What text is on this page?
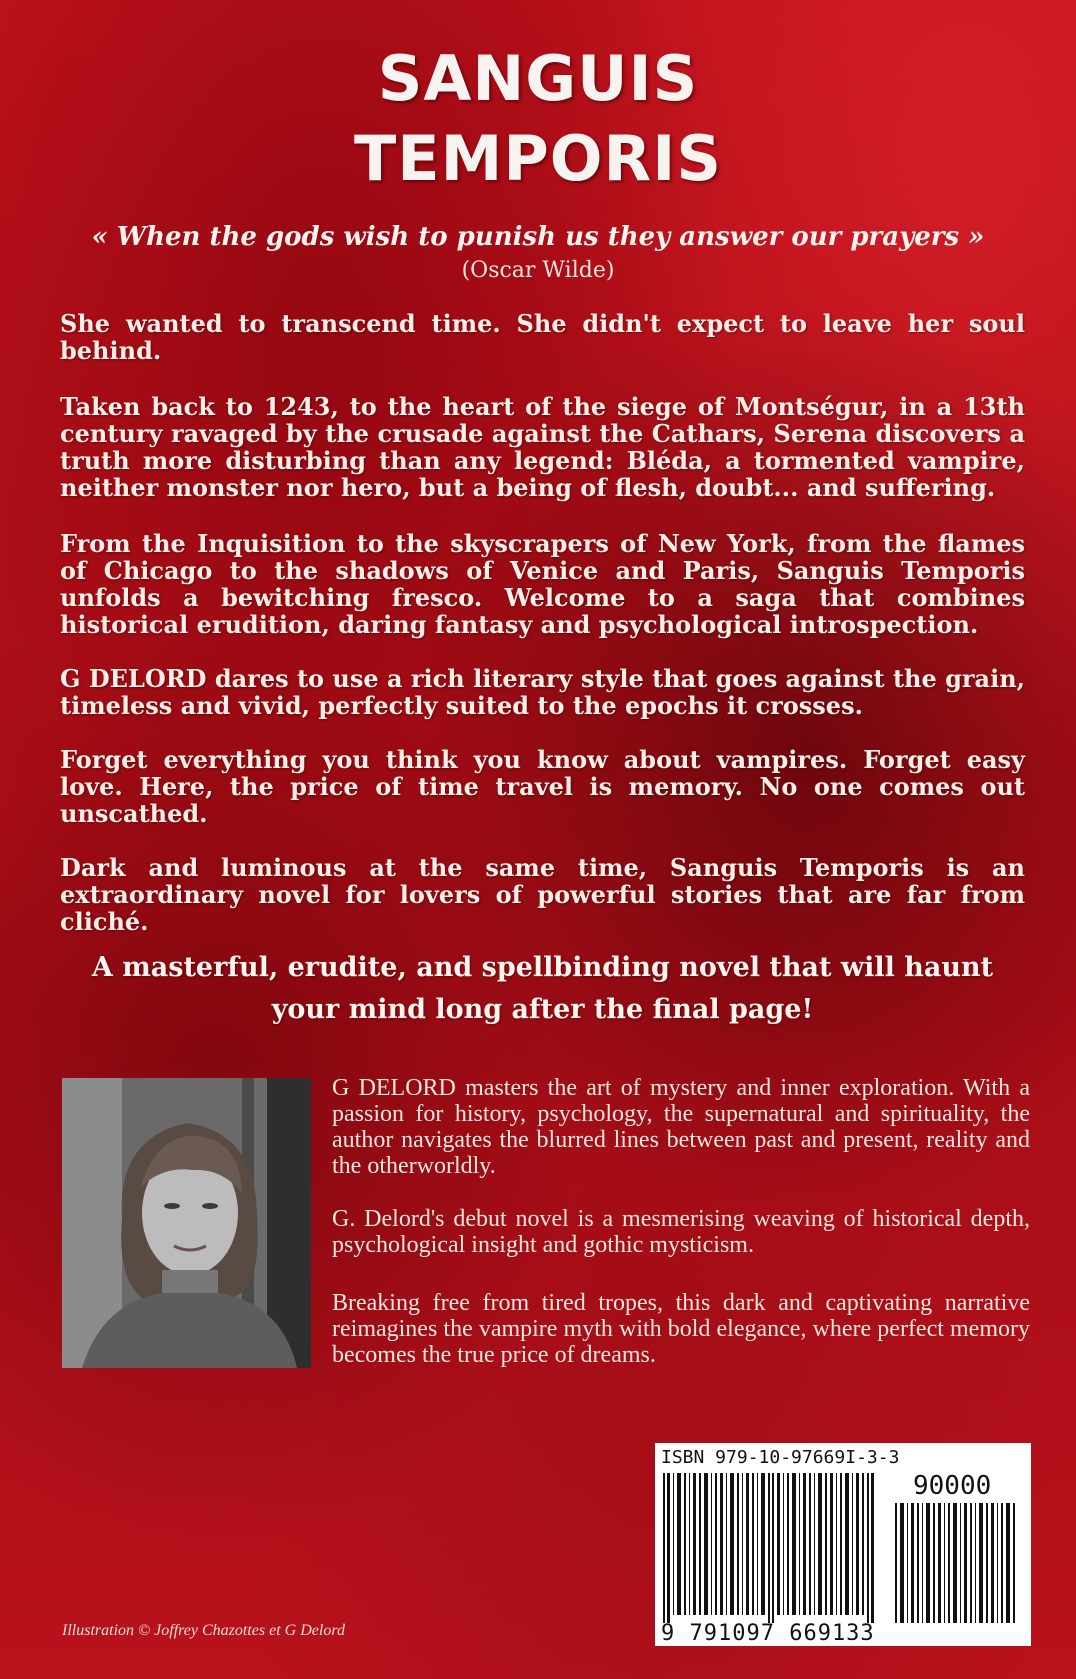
SANGUIS
TEMPORIS
« When the gods wish to punish us they answer our prayers »
(Oscar Wilde)
She wanted to transcend time. She didn't expect to leave her soul behind.
Taken back to 1243, to the heart of the siege of Montségur, in a 13th century ravaged by the crusade against the Cathars, Serena discovers a truth more disturbing than any legend: Bléda, a tormented vampire, neither monster nor hero, but a being of flesh, doubt... and suffering.
From the Inquisition to the skyscrapers of New York, from the flames of Chicago to the shadows of Venice and Paris, Sanguis Temporis unfolds a bewitching fresco. Welcome to a saga that combines historical erudition, daring fantasy and psychological introspection.
G DELORD dares to use a rich literary style that goes against the grain, timeless and vivid, perfectly suited to the epochs it crosses.
Forget everything you think you know about vampires. Forget easy love. Here, the price of time travel is memory. No one comes out unscathed.
Dark and luminous at the same time, Sanguis Temporis is an extraordinary novel for lovers of powerful stories that are far from cliché.
A masterful, erudite, and spellbinding novel that will haunt your mind long after the final page!
G DELORD masters the art of mystery and inner exploration. With a passion for history, psychology, the supernatural and spirituality, the author navigates the blurred lines between past and present, reality and the otherworldly.
G. Delord's debut novel is a mesmerising weaving of historical depth, psychological insight and gothic mysticism.
Breaking free from tired tropes, this dark and captivating narrative reimagines the vampire myth with bold elegance, where perfect memory becomes the true price of dreams.
ISBN 979-10-97669I-3-3
90000
9 791097 669133
Illustration © Joffrey Chazottes et G Delord
